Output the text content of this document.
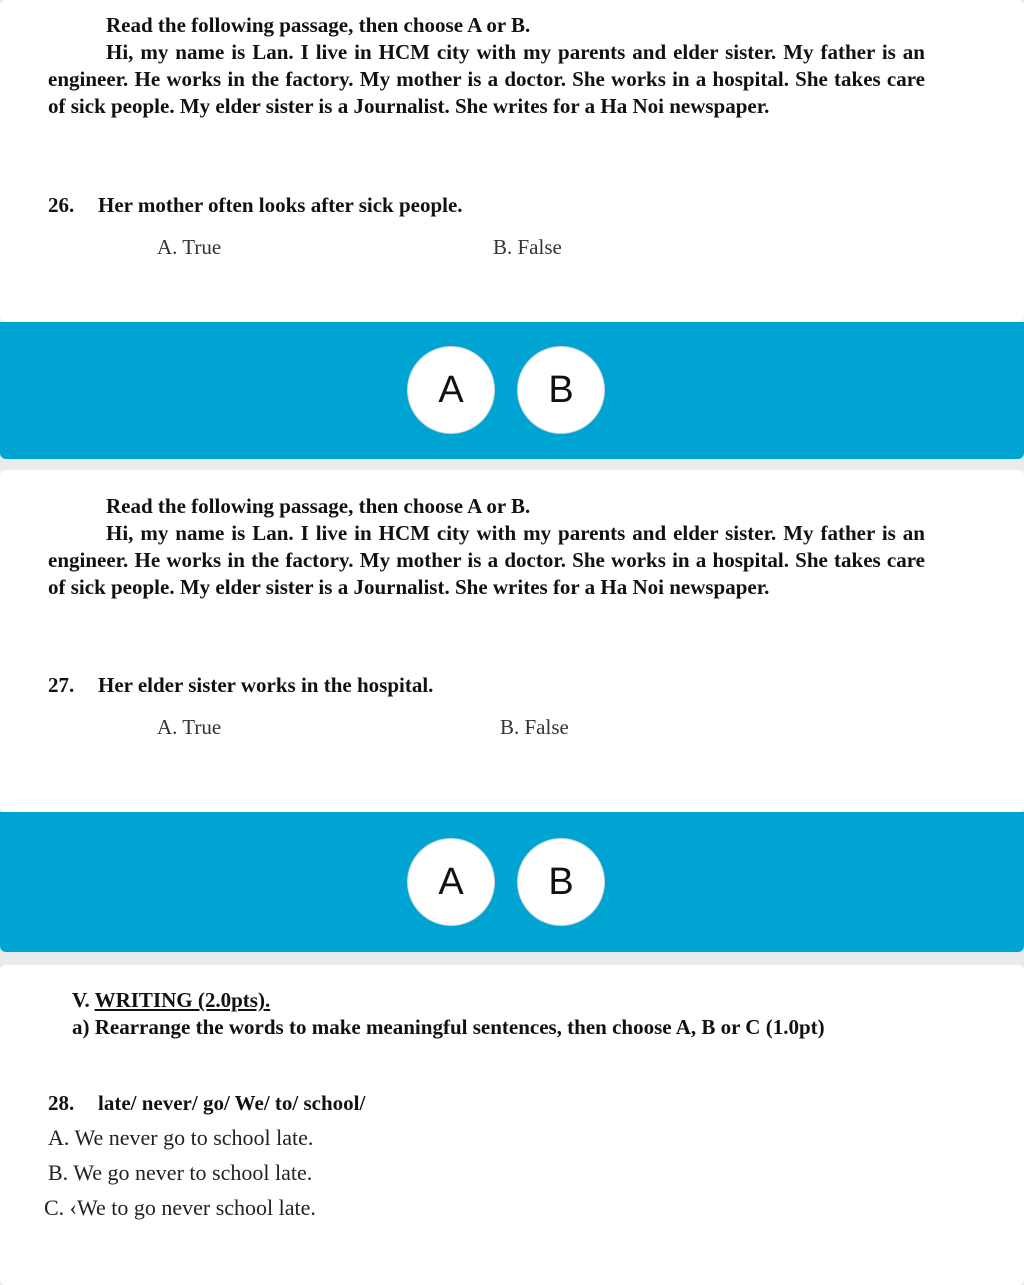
Read the following passage, then choose A or B.

Hi, my name is Lan. I live in HCM city with my parents and elder sister. My father is an engineer. He works in the factory. My mother is a doctor. She works in a hospital. She takes care of sick people. My elder sister is a Journalist. She writes for a Ha Noi newspaper.

26. Her mother often looks after sick people.
A. True	B. False
A	B
Read the following passage, then choose A or B.

Hi, my name is Lan. I live in HCM city with my parents and elder sister. My father is an engineer. He works in the factory. My mother is a doctor. She works in a hospital. She takes care of sick people. My elder sister is a Journalist. She writes for a Ha Noi newspaper.

27. Her elder sister works in the hospital.
A. True	B. False
A	B
V. WRITING (2.0pts).
a) Rearrange the words to make meaningful sentences, then choose A, B or C (1.0pt)
28. late/ never/ go/ We/ to/ school/
A. We never go to school late.
B. We go never to school late.
C. ‹We to go never school late.
